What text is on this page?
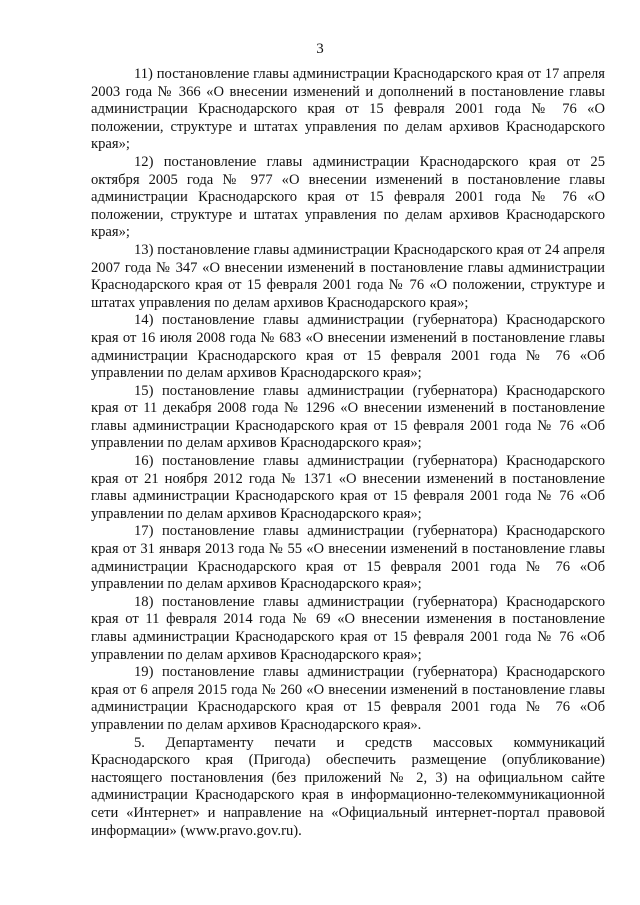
3

11) постановление главы администрации Краснодарского края от 17 апреля 2003 года № 366 «О внесении изменений и дополнений в постановление главы администрации Краснодарского края от 15 февраля 2001 года № 76 «О положении, структуре и штатах управления по делам архивов Краснодарского края»;

12) постановление главы администрации Краснодарского края от 25 октября 2005 года № 977 «О внесении изменений в постановление главы администрации Краснодарского края от 15 февраля 2001 года № 76 «О положении, структуре и штатах управления по делам архивов Краснодарского края»;

13) постановление главы администрации Краснодарского края от 24 апреля 2007 года № 347 «О внесении изменений в постановление главы администрации Краснодарского края от 15 февраля 2001 года № 76 «О положении, структуре и штатах управления по делам архивов Краснодарского края»;

14) постановление главы администрации (губернатора) Краснодарского края от 16 июля 2008 года № 683 «О внесении изменений в постановление главы администрации Краснодарского края от 15 февраля 2001 года № 76 «Об управлении по делам архивов Краснодарского края»;

15) постановление главы администрации (губернатора) Краснодарского края от 11 декабря 2008 года № 1296 «О внесении изменений в постановление главы администрации Краснодарского края от 15 февраля 2001 года № 76 «Об управлении по делам архивов Краснодарского края»;

16) постановление главы администрации (губернатора) Краснодарского края от 21 ноября 2012 года № 1371 «О внесении изменений в постановление главы администрации Краснодарского края от 15 февраля 2001 года № 76 «Об управлении по делам архивов Краснодарского края»;

17) постановление главы администрации (губернатора) Краснодарского края от 31 января 2013 года № 55 «О внесении изменений в постановление главы администрации Краснодарского края от 15 февраля 2001 года № 76 «Об управлении по делам архивов Краснодарского края»;

18) постановление главы администрации (губернатора) Краснодарского края от 11 февраля 2014 года № 69 «О внесении изменения в постановление главы администрации Краснодарского края от 15 февраля 2001 года № 76 «Об управлении по делам архивов Краснодарского края»;

19) постановление главы администрации (губернатора) Краснодарского края от 6 апреля 2015 года № 260 «О внесении изменений в постановление главы администрации Краснодарского края от 15 февраля 2001 года № 76 «Об управлении по делам архивов Краснодарского края».

5. Департаменту печати и средств массовых коммуникаций Краснодарского края (Пригода) обеспечить размещение (опубликование) настоящего постановления (без приложений № 2, 3) на официальном сайте администрации Краснодарского края в информационно-телекоммуникационной сети «Интернет» и направление на «Официальный интернет-портал правовой информации» (www.pravo.gov.ru).
